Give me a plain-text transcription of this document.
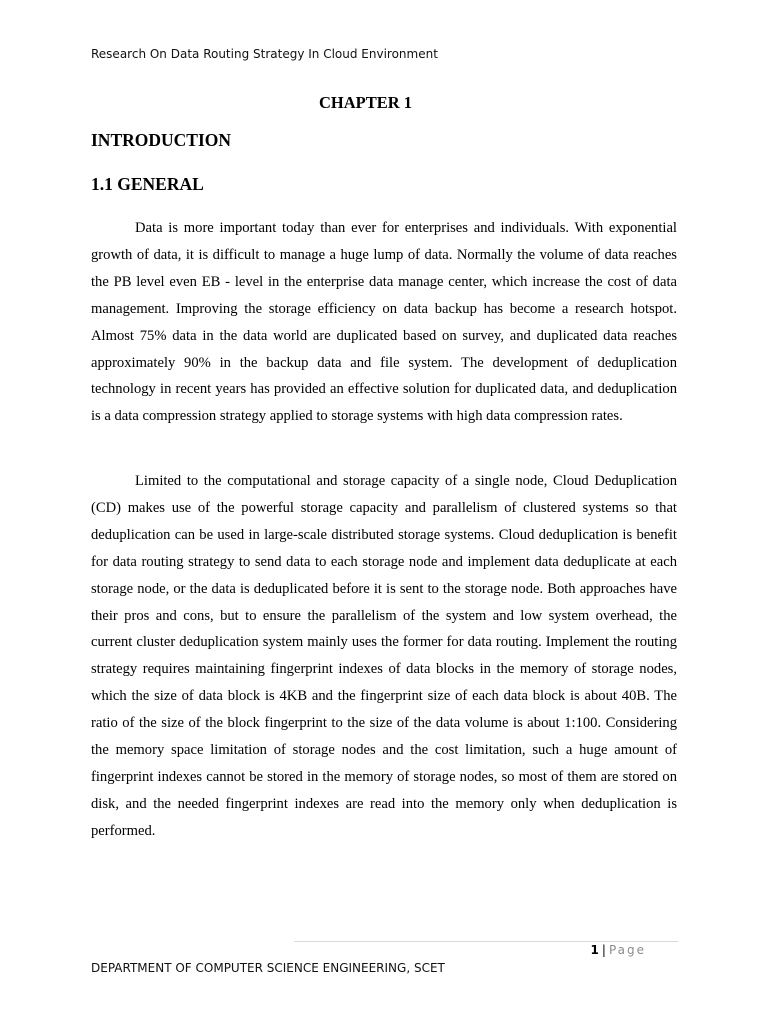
Research On Data Routing Strategy In Cloud Environment
CHAPTER 1
INTRODUCTION
1.1 GENERAL

Data is more important today than ever for enterprises and individuals. With exponential growth of data, it is difficult to manage a huge lump of data. Normally the volume of data reaches the PB level even EB - level in the enterprise data manage center, which increase the cost of data management. Improving the storage efficiency on data backup has become a research hotspot. Almost 75% data in the data world are duplicated based on survey, and duplicated data reaches approximately 90% in the backup data and file system. The development of deduplication technology in recent years has provided an effective solution for duplicated data, and deduplication is a data compression strategy applied to storage systems with high data compression rates.

Limited to the computational and storage capacity of a single node, Cloud Deduplication (CD) makes use of the powerful storage capacity and parallelism of clustered systems so that deduplication can be used in large-scale distributed storage systems. Cloud deduplication is benefit for data routing strategy to send data to each storage node and implement data deduplicate at each storage node, or the data is deduplicated before it is sent to the storage node. Both approaches have their pros and cons, but to ensure the parallelism of the system and low system overhead, the current cluster deduplication system mainly uses the former for data routing. Implement the routing strategy requires maintaining fingerprint indexes of data blocks in the memory of storage nodes, which the size of data block is 4KB and the fingerprint size of each data block is about 40B. The ratio of the size of the block fingerprint to the size of the data volume is about 1:100. Considering the memory space limitation of storage nodes and the cost limitation, such a huge amount of fingerprint indexes cannot be stored in the memory of storage nodes, so most of them are stored on disk, and the needed fingerprint indexes are read into the memory only when deduplication is performed.

1 | Page
DEPARTMENT OF COMPUTER SCIENCE ENGINEERING, SCET
